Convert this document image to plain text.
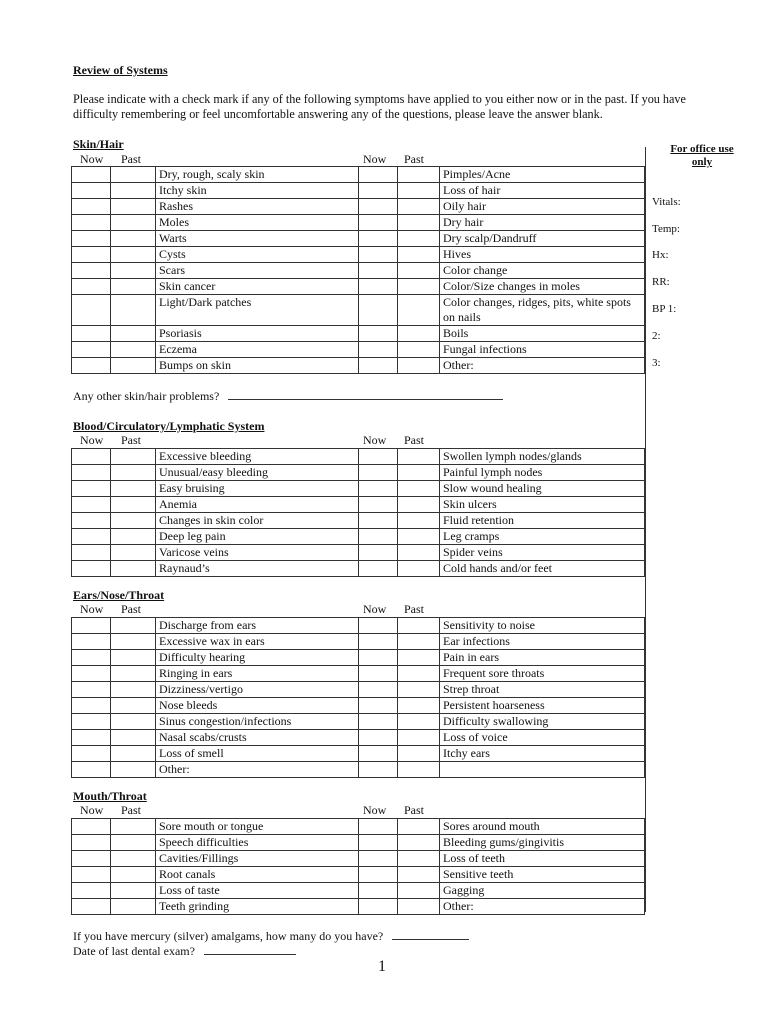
Review of Systems
Please indicate with a check mark if any of the following symptoms have applied to you either now or in the past. If you have difficulty remembering or feel uncomfortable answering any of the questions, please leave the answer blank.
For office use only
Vitals:
Temp:
Hx:
RR:
BP 1:
2:
3:
Skin/Hair
Now Past	Now Past
		Dry, rough, scaly skin			Pimples/Acne
		Itchy skin			Loss of hair
		Rashes			Oily hair
		Moles			Dry hair
		Warts			Dry scalp/Dandruff
		Cysts			Hives
		Scars			Color change
		Skin cancer			Color/Size changes in moles
		Light/Dark patches			Color changes, ridges, pits, white spots on nails
		Psoriasis			Boils
		Eczema			Fungal infections
		Bumps on skin			Other:
Any other skin/hair problems?
Blood/Circulatory/Lymphatic System
Now Past	Now Past
		Excessive bleeding			Swollen lymph nodes/glands
		Unusual/easy bleeding			Painful lymph nodes
		Easy bruising			Slow wound healing
		Anemia			Skin ulcers
		Changes in skin color			Fluid retention
		Deep leg pain			Leg cramps
		Varicose veins			Spider veins
		Raynaud’s			Cold hands and/or feet
Ears/Nose/Throat
Now Past	Now Past
		Discharge from ears			Sensitivity to noise
		Excessive wax in ears			Ear infections
		Difficulty hearing			Pain in ears
		Ringing in ears			Frequent sore throats
		Dizziness/vertigo			Strep throat
		Nose bleeds			Persistent hoarseness
		Sinus congestion/infections			Difficulty swallowing
		Nasal scabs/crusts			Loss of voice
		Loss of smell			Itchy ears
		Other:			
Mouth/Throat
Now Past	Now Past
		Sore mouth or tongue			Sores around mouth
		Speech difficulties			Bleeding gums/gingivitis
		Cavities/Fillings			Loss of teeth
		Root canals			Sensitive teeth
		Loss of taste			Gagging
		Teeth grinding			Other:
If you have mercury (silver) amalgams, how many do you have?
Date of last dental exam?
1
